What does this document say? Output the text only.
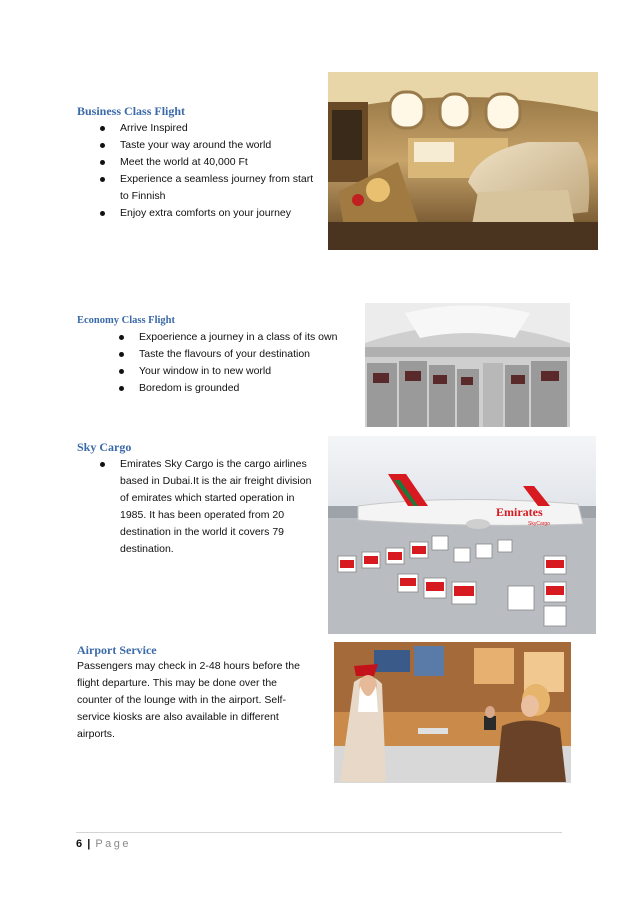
Business Class Flight
Arrive Inspired
Taste your way around the world
Meet the world at 40,000 Ft
Experience a seamless journey from start
to Finnish
Enjoy extra comforts on your journey
Economy Class Flight
Expoerience a journey in a class of its own
Taste the flavours of your destination
Your window in to new world
Boredom is grounded
Sky Cargo
Emirates Sky Cargo is the cargo airlines
based in Dubai.It is the air freight division
of emirates which started operation in
1985. It has been operated from 20
destination in the world it covers 79
destination.
Emirates
SkyCargo
Airport Service
Passengers may check in 2-48 hours before the
flight departure. This may be done over the
counter of the lounge with in the airport. Self-
service kiosks are also available in different
airports.
6 | Page
